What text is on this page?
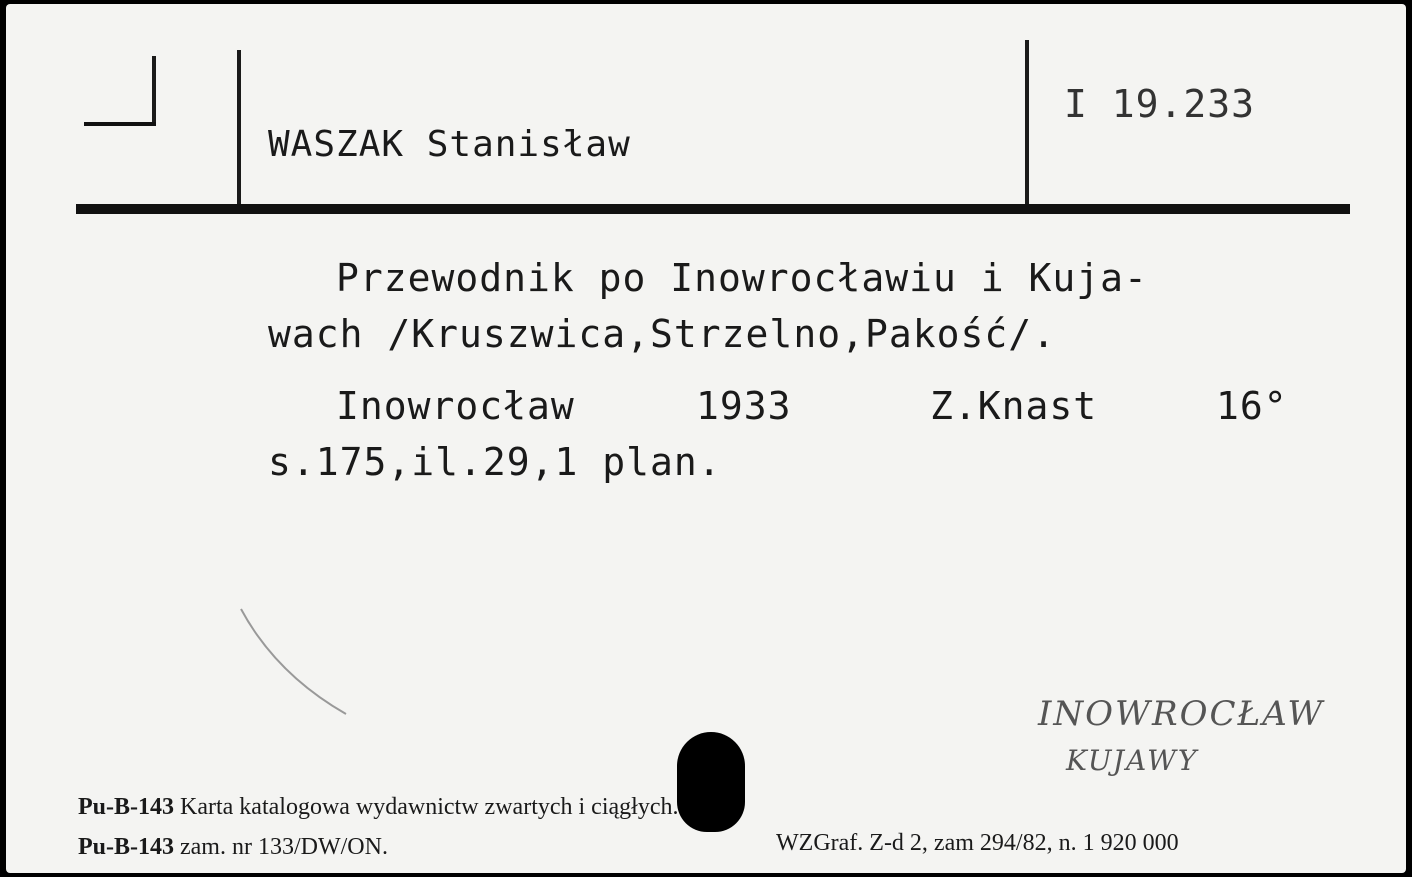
WASZAK Stanisław
I 19.233
Przewodnik po Inowrocławiu i Kuja-
wach /Kruszwica,Strzelno,Pakość/.
Inowrocław	1933	Z.Knast	16°
s.175,il.29,1 plan.
INOWROCŁAW
KUJAWY
Pu-B-143 Karta katalogowa wydawnictw zwartych i ciągłych.
Pu-B-143 zam. nr 133/DW/ON.	WZGraf. Z-d 2, zam 294/82, n. 1 920 000
